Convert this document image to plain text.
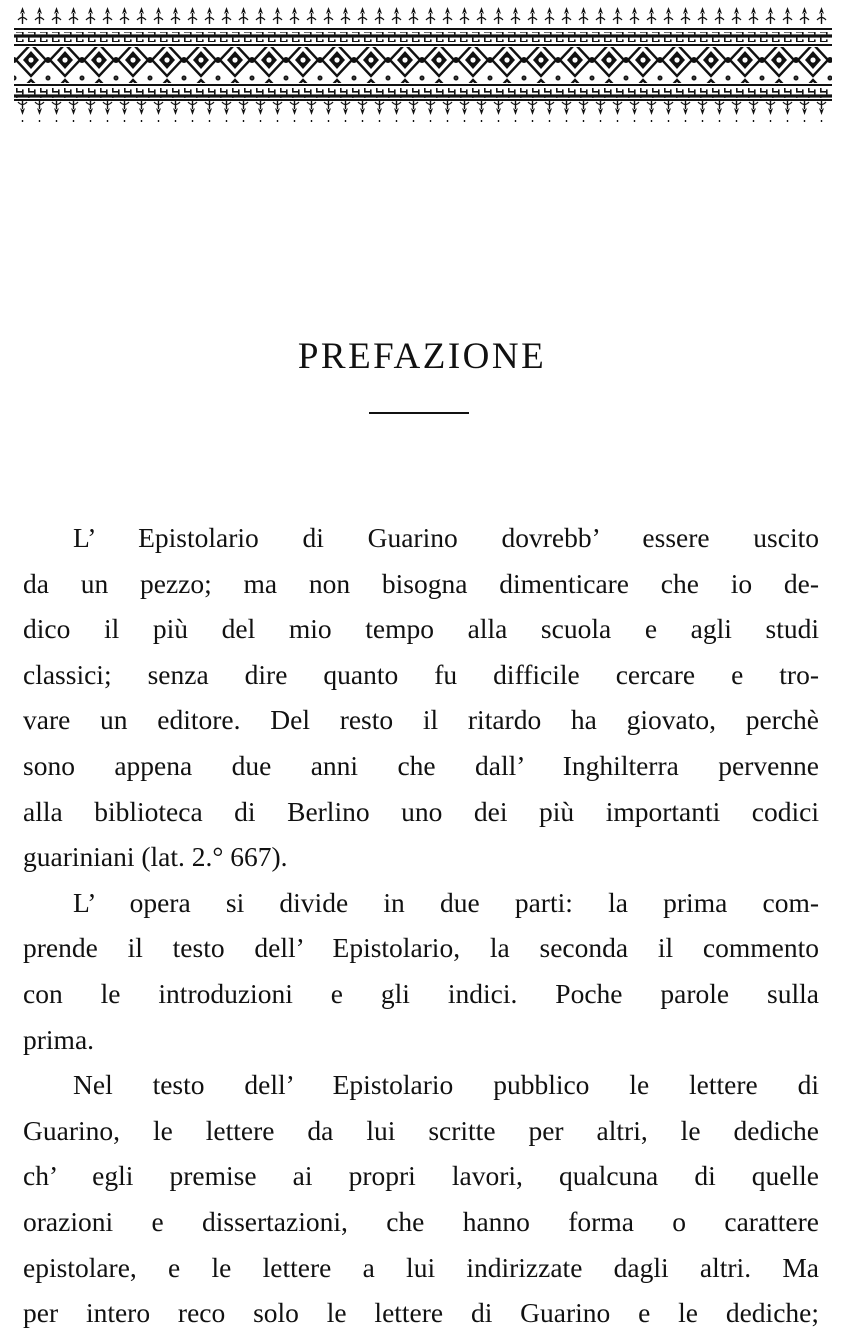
PREFAZIONE
L’ Epistolario di Guarino dovrebb’ essere uscito
da un pezzo; ma non bisogna dimenticare che io de-
dico il più del mio tempo alla scuola e agli studi
classici; senza dire quanto fu difficile cercare e tro-
vare un editore. Del resto il ritardo ha giovato, perchè
sono appena due anni che dall’ Inghilterra pervenne
alla biblioteca di Berlino uno dei più importanti codici
guariniani (lat. 2.° 667).
L’ opera si divide in due parti: la prima com-
prende il testo dell’ Epistolario, la seconda il commento
con le introduzioni e gli indici. Poche parole sulla
prima.
Nel testo dell’ Epistolario pubblico le lettere di
Guarino, le lettere da lui scritte per altri, le dediche
ch’ egli premise ai propri lavori, qualcuna di quelle
orazioni e dissertazioni, che hanno forma o carattere
epistolare, e le lettere a lui indirizzate dagli altri. Ma
per intero reco solo le lettere di Guarino e le dediche;
